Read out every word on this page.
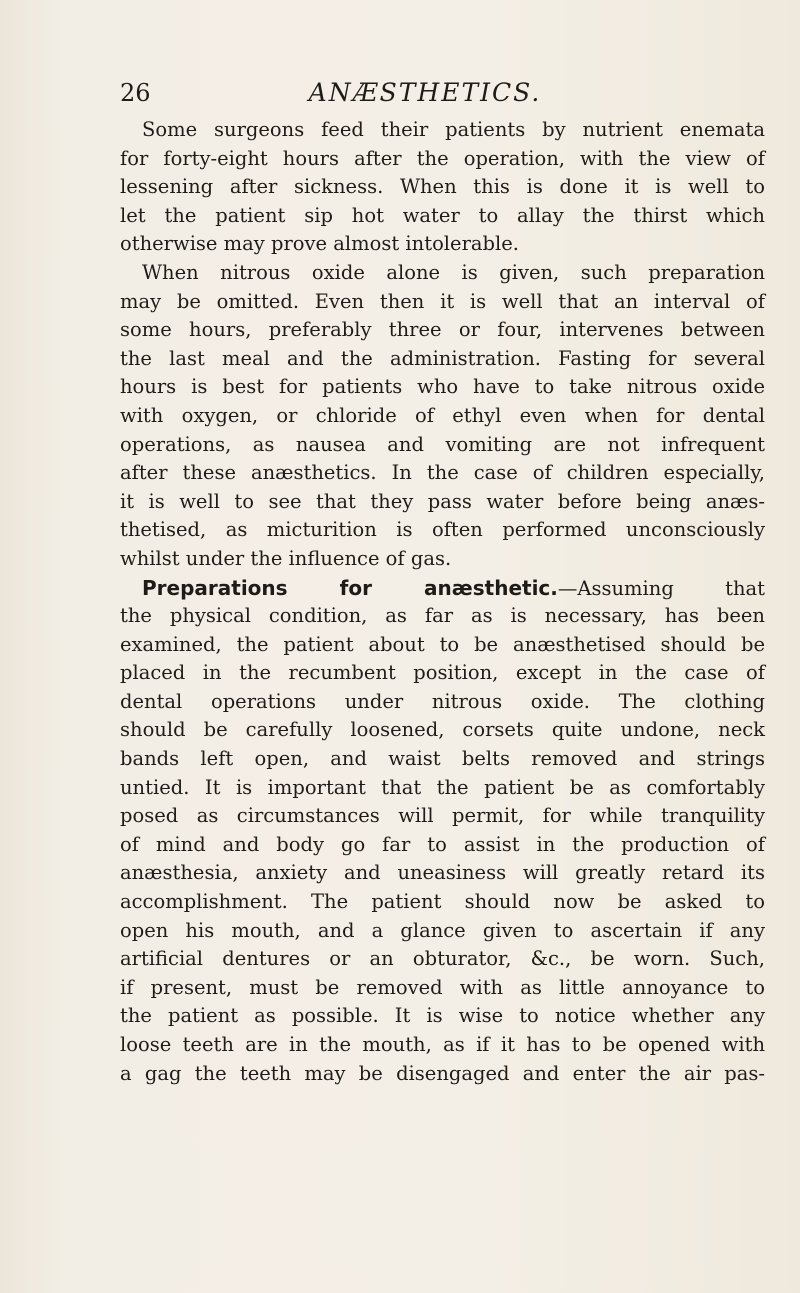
26	ANÆSTHETICS.
Some surgeons feed their patients by nutrient enemata
for forty-eight hours after the operation, with the view of
lessening after sickness. When this is done it is well to
let the patient sip hot water to allay the thirst which
otherwise may prove almost intolerable.
When nitrous oxide alone is given, such preparation
may be omitted. Even then it is well that an interval of
some hours, preferably three or four, intervenes between
the last meal and the administration. Fasting for several
hours is best for patients who have to take nitrous oxide
with oxygen, or chloride of ethyl even when for dental
operations, as nausea and vomiting are not infrequent
after these anæsthetics. In the case of children especially,
it is well to see that they pass water before being anæs-
thetised, as micturition is often performed unconsciously
whilst under the influence of gas.
Preparations for anæsthetic.—Assuming that
the physical condition, as far as is necessary, has been
examined, the patient about to be anæsthetised should be
placed in the recumbent position, except in the case of
dental operations under nitrous oxide. The clothing
should be carefully loosened, corsets quite undone, neck
bands left open, and waist belts removed and strings
untied. It is important that the patient be as comfortably
posed as circumstances will permit, for while tranquility
of mind and body go far to assist in the production of
anæsthesia, anxiety and uneasiness will greatly retard its
accomplishment. The patient should now be asked to
open his mouth, and a glance given to ascertain if any
artificial dentures or an obturator, &c., be worn. Such,
if present, must be removed with as little annoyance to
the patient as possible. It is wise to notice whether any
loose teeth are in the mouth, as if it has to be opened with
a gag the teeth may be disengaged and enter the air pas-
